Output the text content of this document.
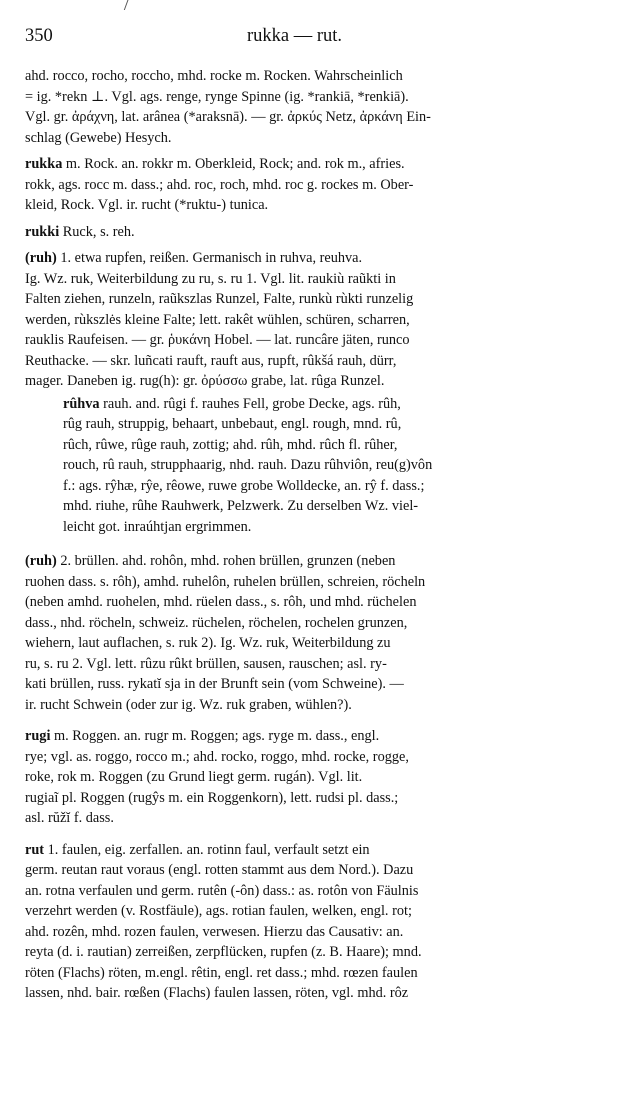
350	rukka — rut.
ahd. rocco, rocho, roccho, mhd. rocke m. Rocken. Wahrscheinlich
= ig. *rekn ⊥. Vgl. ags. renge, rynge Spinne (ig. *rankiā, *renkiā).
Vgl. gr. ἀράχνη, lat. arânea (*araksnā). — gr. ἀρκύς Netz, ἀρκάνη Ein-
schlag (Gewebe) Hesych.
rukka m. Rock. an. rokkr m. Oberkleid, Rock; and. rok m., afries.
rokk, ags. rocc m. dass.; ahd. roc, roch, mhd. roc g. rockes m. Ober-
kleid, Rock. Vgl. ir. rucht (*ruktu-) tunica.
rukki Ruck, s. reh.
(ruh) 1. etwa rupfen, reißen. Germanisch in ruhva, reuhva.
Ig. Wz. ruk, Weiterbildung zu ru, s. ru 1. Vgl. lit. raukiù raũkti in
Falten ziehen, runzeln, raũkszlas Runzel, Falte, runkù rùkti runzelig
werden, rùkszlės kleine Falte; lett. rakêt wühlen, schüren, scharren,
rauklis Raufeisen. — gr. ῥυκάνη Hobel. — lat. runcâre jäten, runco
Reuthacke. — skr. luñcati rauft, rauft aus, rupft, rûkšá rauh, dürr,
mager. Daneben ig. rug(h): gr. ὀρύσσω grabe, lat. rûga Runzel.
rûhva rauh. and. rûgi f. rauhes Fell, grobe Decke, ags. rûh,
rûg rauh, struppig, behaart, unbebaut, engl. rough, mnd. rû,
rûch, rûwe, rûge rauh, zottig; ahd. rûh, mhd. rûch fl. rûher,
rouch, rû rauh, strupphaarig, nhd. rauh. Dazu rûhviôn, reu(g)vôn
f.: ags. rŷhæ, rŷe, rêowe, ruwe grobe Wolldecke, an. rŷ f. dass.;
mhd. riuhe, rûhe Rauhwerk, Pelzwerk. Zu derselben Wz. viel-
leicht got. inraúhtjan ergrimmen.
(ruh) 2. brüllen. ahd. rohôn, mhd. rohen brüllen, grunzen (neben
ruohen dass. s. rôh), amhd. ruhelôn, ruhelen brüllen, schreien, röcheln
(neben amhd. ruohelen, mhd. rüelen dass., s. rôh, und mhd. rüchelen
dass., nhd. röcheln, schweiz. rüchelen, röchelen, rochelen grunzen,
wiehern, laut auflachen, s. ruk 2). Ig. Wz. ruk, Weiterbildung zu
ru, s. ru 2. Vgl. lett. rûzu rûkt brüllen, sausen, rauschen; asl. ry-
kati brüllen, russ. rykatĭ sja in der Brunft sein (vom Schweine). —
ir. rucht Schwein (oder zur ig. Wz. ruk graben, wühlen?).
rugi m. Roggen. an. rugr m. Roggen; ags. ryge m. dass., engl.
rye; vgl. as. roggo, rocco m.; ahd. rocko, roggo, mhd. rocke, rogge,
roke, rok m. Roggen (zu Grund liegt germ. rugán). Vgl. lit.
rugiaĩ pl. Roggen (rugŷs m. ein Roggenkorn), lett. rudsi pl. dass.;
asl. rŭžĭ f. dass.
rut 1. faulen, eig. zerfallen. an. rotinn faul, verfault setzt ein
germ. reutan raut voraus (engl. rotten stammt aus dem Nord.). Dazu
an. rotna verfaulen und germ. rutên (-ôn) dass.: as. rotôn von Fäulnis
verzehrt werden (v. Rostfäule), ags. rotian faulen, welken, engl. rot;
ahd. rozên, mhd. rozen faulen, verwesen. Hierzu das Causativ: an.
reyta (d. i. rautian) zerreißen, zerpflücken, rupfen (z. B. Haare); mnd.
röten (Flachs) röten, m.engl. rêtin, engl. ret dass.; mhd. rœzen faulen
lassen, nhd. bair. rœßen (Flachs) faulen lassen, röten, vgl. mhd. rôz
